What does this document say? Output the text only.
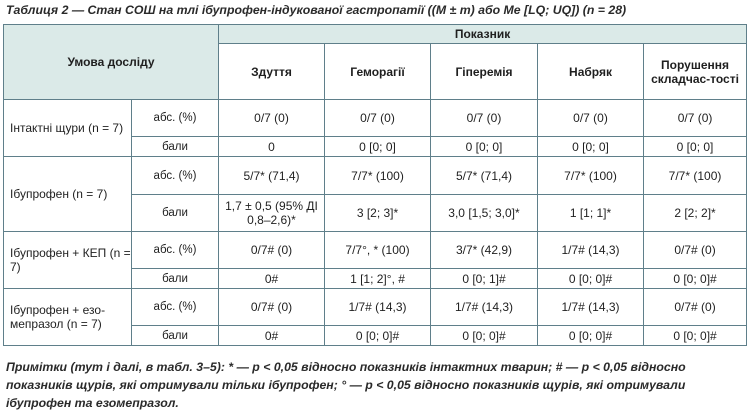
Таблиця 2 — Стан СОШ на тлі ібупрофен-індукованої гастропатії ((M ± m) або Me [LQ; UQ]) (n = 28)
Умова досліду		Показник				
		Здуття	Геморагії	Гіперемія	Набряк	Порушення складчас-тості
Інтактні щури (n = 7)	абс. (%)	0/7 (0)	0/7 (0)	0/7 (0)	0/7 (0)	0/7 (0)
	бали	0	0 [0; 0]	0 [0; 0]	0 [0; 0]	0 [0; 0]
Ібупрофен (n = 7)	абс. (%)	5/7* (71,4)	7/7* (100)	5/7* (71,4)	7/7* (100)	7/7* (100)
	бали	1,7 ± 0,5 (95% ДІ 0,8–2,6)*	3 [2; 3]*	3,0 [1,5; 3,0]*	1 [1; 1]*	2 [2; 2]*
Ібупрофен + КЕП (n = 7)	абс. (%)	0/7# (0)	7/7°, * (100)	3/7* (42,9)	1/7# (14,3)	0/7# (0)
	бали	0#	1 [1; 2]°, #	0 [0; 1]#	0 [0; 0]#	0 [0; 0]#
Ібупрофен + езо-мепразол (n = 7)	абс. (%)	0/7# (0)	1/7# (14,3)	1/7# (14,3)	1/7# (14,3)	0/7# (0)
	бали	0#	0 [0; 0]#	0 [0; 0]#	0 [0; 0]#	0 [0; 0]#
Примітки (тут і далі, в табл. 3–5): * — p < 0,05 відносно показників інтактних тварин; # — p < 0,05 відносно
показників щурів, які отримували тільки ібупрофен; ° — p < 0,05 відносно показників щурів, які отримували
ібупрофен та езомепразол.
